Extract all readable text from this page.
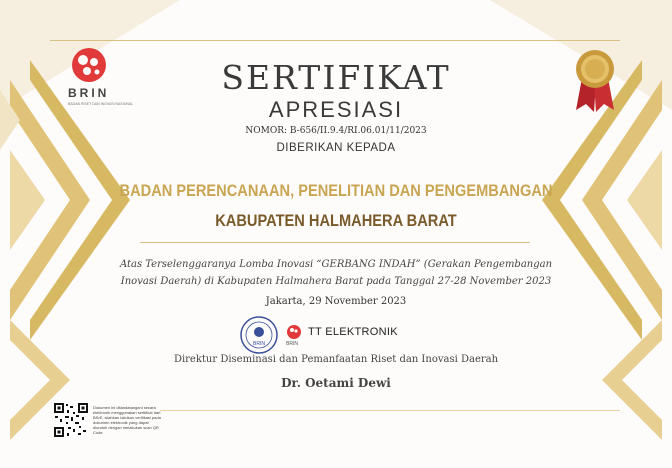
BRIN
BADAN RISET DAN INOVASI NASIONAL
SERTIFIKAT
APRESIASI
NOMOR: B-656/II.9.4/RI.06.01/11/2023
DIBERIKAN KEPADA
BADAN PERENCANAAN, PENELITIAN DAN PENGEMBANGAN
KABUPATEN HALMAHERA BARAT
Atas Terselenggaranya Lomba Inovasi “GERBANG INDAH” (Gerakan Pengembangan
Inovasi Daerah) di Kabupaten Halmahera Barat pada Tanggal 27-28 November 2023
Jakarta, 29 November 2023
BRIN	BRIN
TT ELEKTRONIK
Direktur Diseminasi dan Pemanfaatan Riset dan Inovasi Daerah
Dr. Oetami Dewi
Dokumen ini ditandatangani secara elektronik menggunakan sertifikat dari BSrE, silahkan lakukan verifikasi pada dokumen elektronik yang dapat diunduh dengan melakukan scan QR Code
